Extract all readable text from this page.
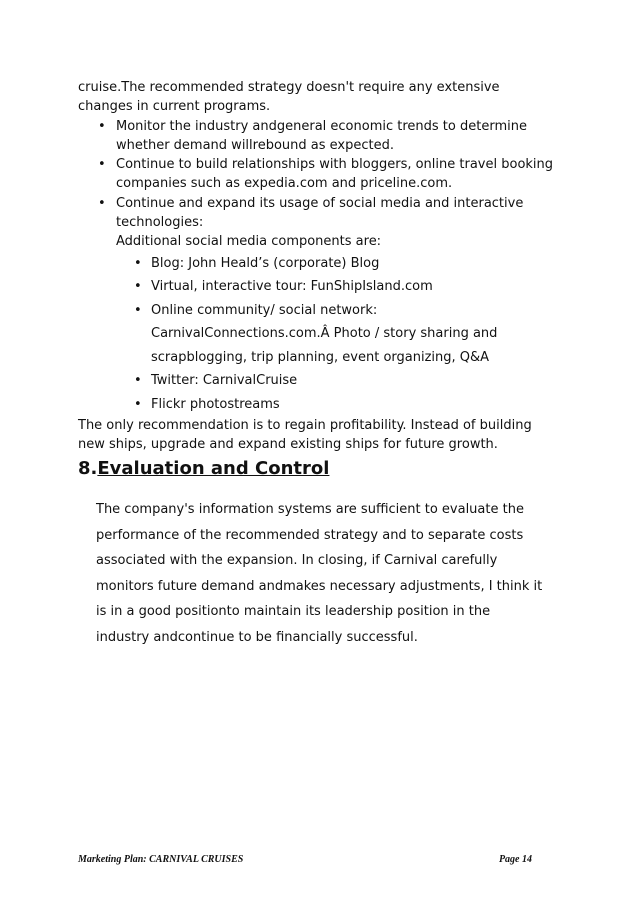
cruise.The recommended strategy doesn't require any extensive changes in current programs.

• Monitor the industry andgeneral economic trends to determine whether demand willrebound as expected.
• Continue to build relationships with bloggers, online travel booking companies such as expedia.com and priceline.com.
• Continue and expand its usage of social media and interactive technologies:
Additional social media components are:
• Blog: John Heald’s (corporate) Blog
• Virtual, interactive tour: FunShipIsland.com
• Online community/ social network: CarnivalConnections.com.Â Photo / story sharing and scrapblogging, trip planning, event organizing, Q&A
• Twitter: CarnivalCruise
• Flickr photostreams

The only recommendation is to regain profitability. Instead of building new ships, upgrade and expand existing ships for future growth.

8.Evaluation and Control

The company's information systems are sufficient to evaluate the performance of the recommended strategy and to separate costs associated with the expansion. In closing, if Carnival carefully monitors future demand andmakes necessary adjustments, I think it is in a good positionto maintain its leadership position in the industry andcontinue to be financially successful.

Marketing Plan: CARNIVAL CRUISES	Page 14
